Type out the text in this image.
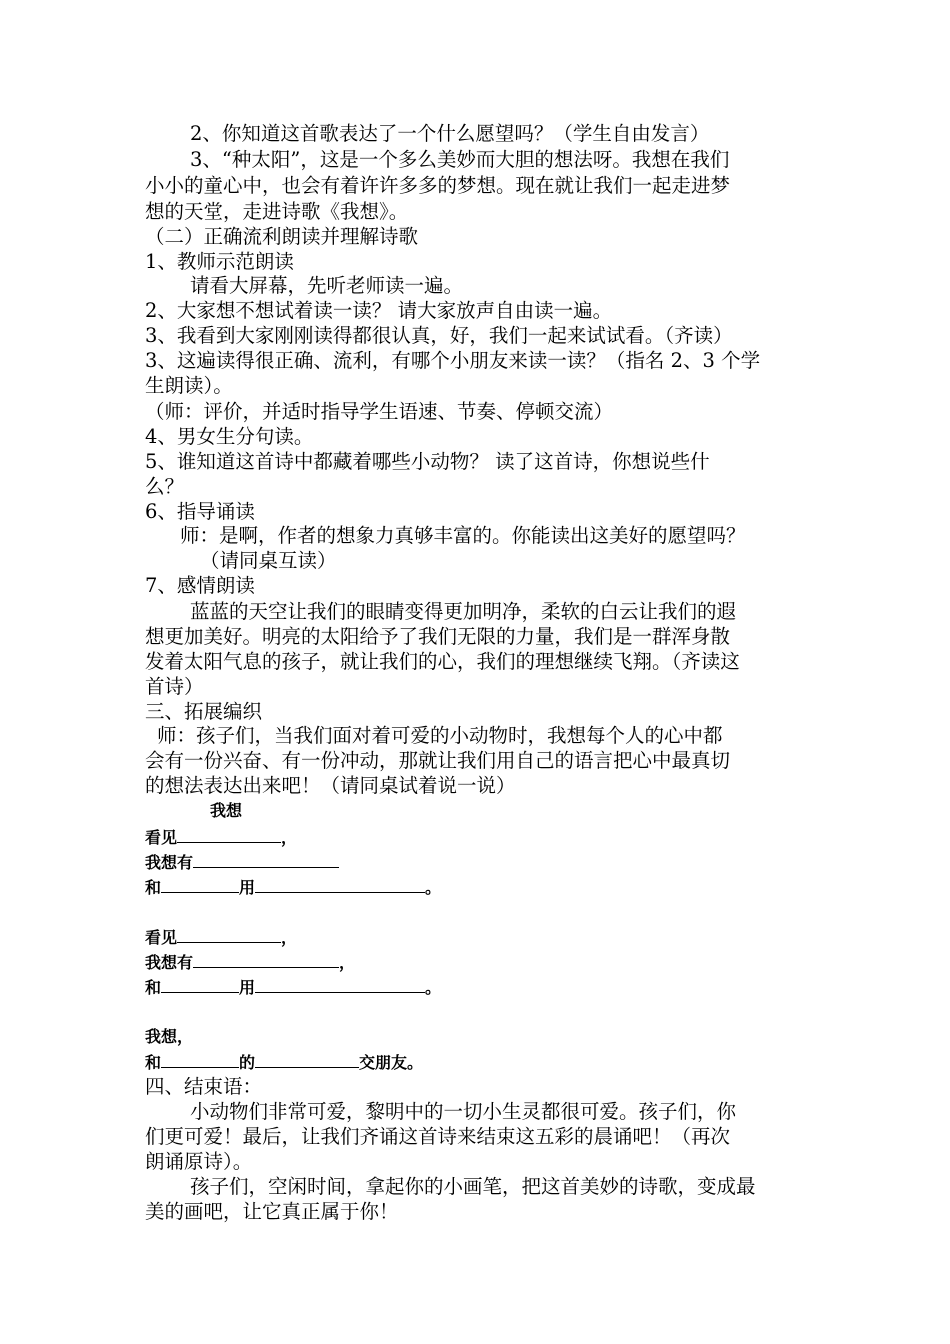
2、你知道这首歌表达了一个什么愿望吗？（学生自由发言）
3、“种太阳”，这是一个多么美妙而大胆的想法呀。我想在我们
小小的童心中，也会有着许许多多的梦想。现在就让我们一起走进梦
想的天堂，走进诗歌《我想》。
（二）正确流利朗读并理解诗歌
1、教师示范朗读
请看大屏幕，先听老师读一遍。
2、大家想不想试着读一读？ 请大家放声自由读一遍。
3、我看到大家刚刚读得都很认真，好，我们一起来试试看。（齐读）
3、这遍读得很正确、流利，有哪个小朋友来读一读？（指名 2、3 个学
生朗读）。
（师：评价，并适时指导学生语速、节奏、停顿交流）
4、男女生分句读。
5、谁知道这首诗中都藏着哪些小动物？ 读了这首诗，你想说些什
么？
6、指导诵读
师：是啊，作者的想象力真够丰富的。你能读出这美好的愿望吗？
（请同桌互读）
7、感情朗读
蓝蓝的天空让我们的眼睛变得更加明净，柔软的白云让我们的遐
想更加美好。明亮的太阳给予了我们无限的力量，我们是一群浑身散
发着太阳气息的孩子，就让我们的心，我们的理想继续飞翔。（齐读这
首诗）
三、拓展编织
师：孩子们，当我们面对着可爱的小动物时，我想每个人的心中都
会有一份兴奋、有一份冲动，那就让我们用自己的语言把心中最真切
的想法表达出来吧！（请同桌试着说一说）
我想
看见	，
我想有
和	用	。
看见	，
我想有	，
和	用	。
我想，
和	的	交朋友。
四、结束语：
小动物们非常可爱，黎明中的一切小生灵都很可爱。孩子们，你
们更可爱！最后，让我们齐诵这首诗来结束这五彩的晨诵吧！（再次
朗诵原诗）。
孩子们，空闲时间，拿起你的小画笔，把这首美妙的诗歌，变成最
美的画吧，让它真正属于你！
